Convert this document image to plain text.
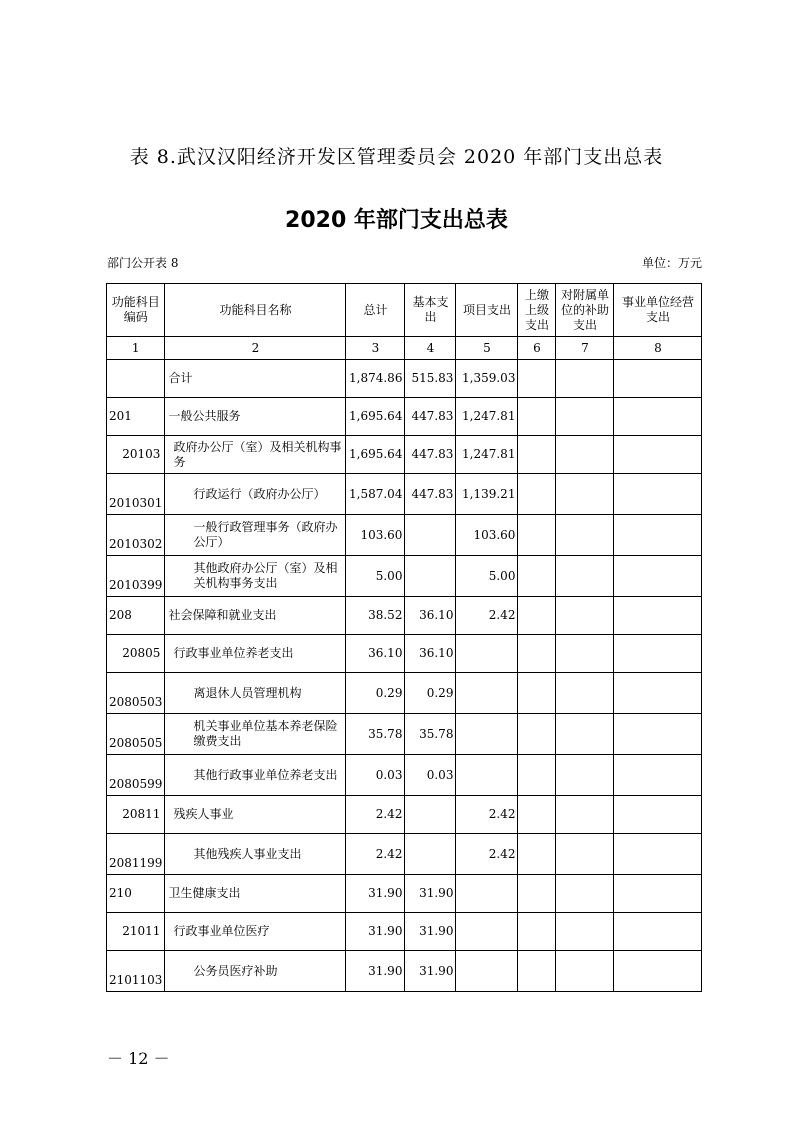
表 8.武汉汉阳经济开发区管理委员会 2020 年部门支出总表
2020 年部门支出总表
部门公开表 8	单位：万元
功能科目编码	功能科目名称	总计	基本支出	项目支出	上缴上级支出	对附属单位的补助支出	事业单位经营支出
1	2	3	4	5	6	7	8
	合计	1,874.86	515.83	1,359.03			
201	一般公共服务	1,695.64	447.83	1,247.81			
20103	政府办公厅（室）及相关机构事务	1,695.64	447.83	1,247.81			
2010301	行政运行（政府办公厅）	1,587.04	447.83	1,139.21			
2010302	一般行政管理事务（政府办公厅）	103.60		103.60			
2010399	其他政府办公厅（室）及相关机构事务支出	5.00		5.00			
208	社会保障和就业支出	38.52	36.10	2.42			
20805	行政事业单位养老支出	36.10	36.10				
2080503	离退休人员管理机构	0.29	0.29				
2080505	机关事业单位基本养老保险缴费支出	35.78	35.78				
2080599	其他行政事业单位养老支出	0.03	0.03				
20811	残疾人事业	2.42		2.42			
2081199	其他残疾人事业支出	2.42		2.42			
210	卫生健康支出	31.90	31.90				
21011	行政事业单位医疗	31.90	31.90				
2101103	公务员医疗补助	31.90	31.90				
－ 12 －
